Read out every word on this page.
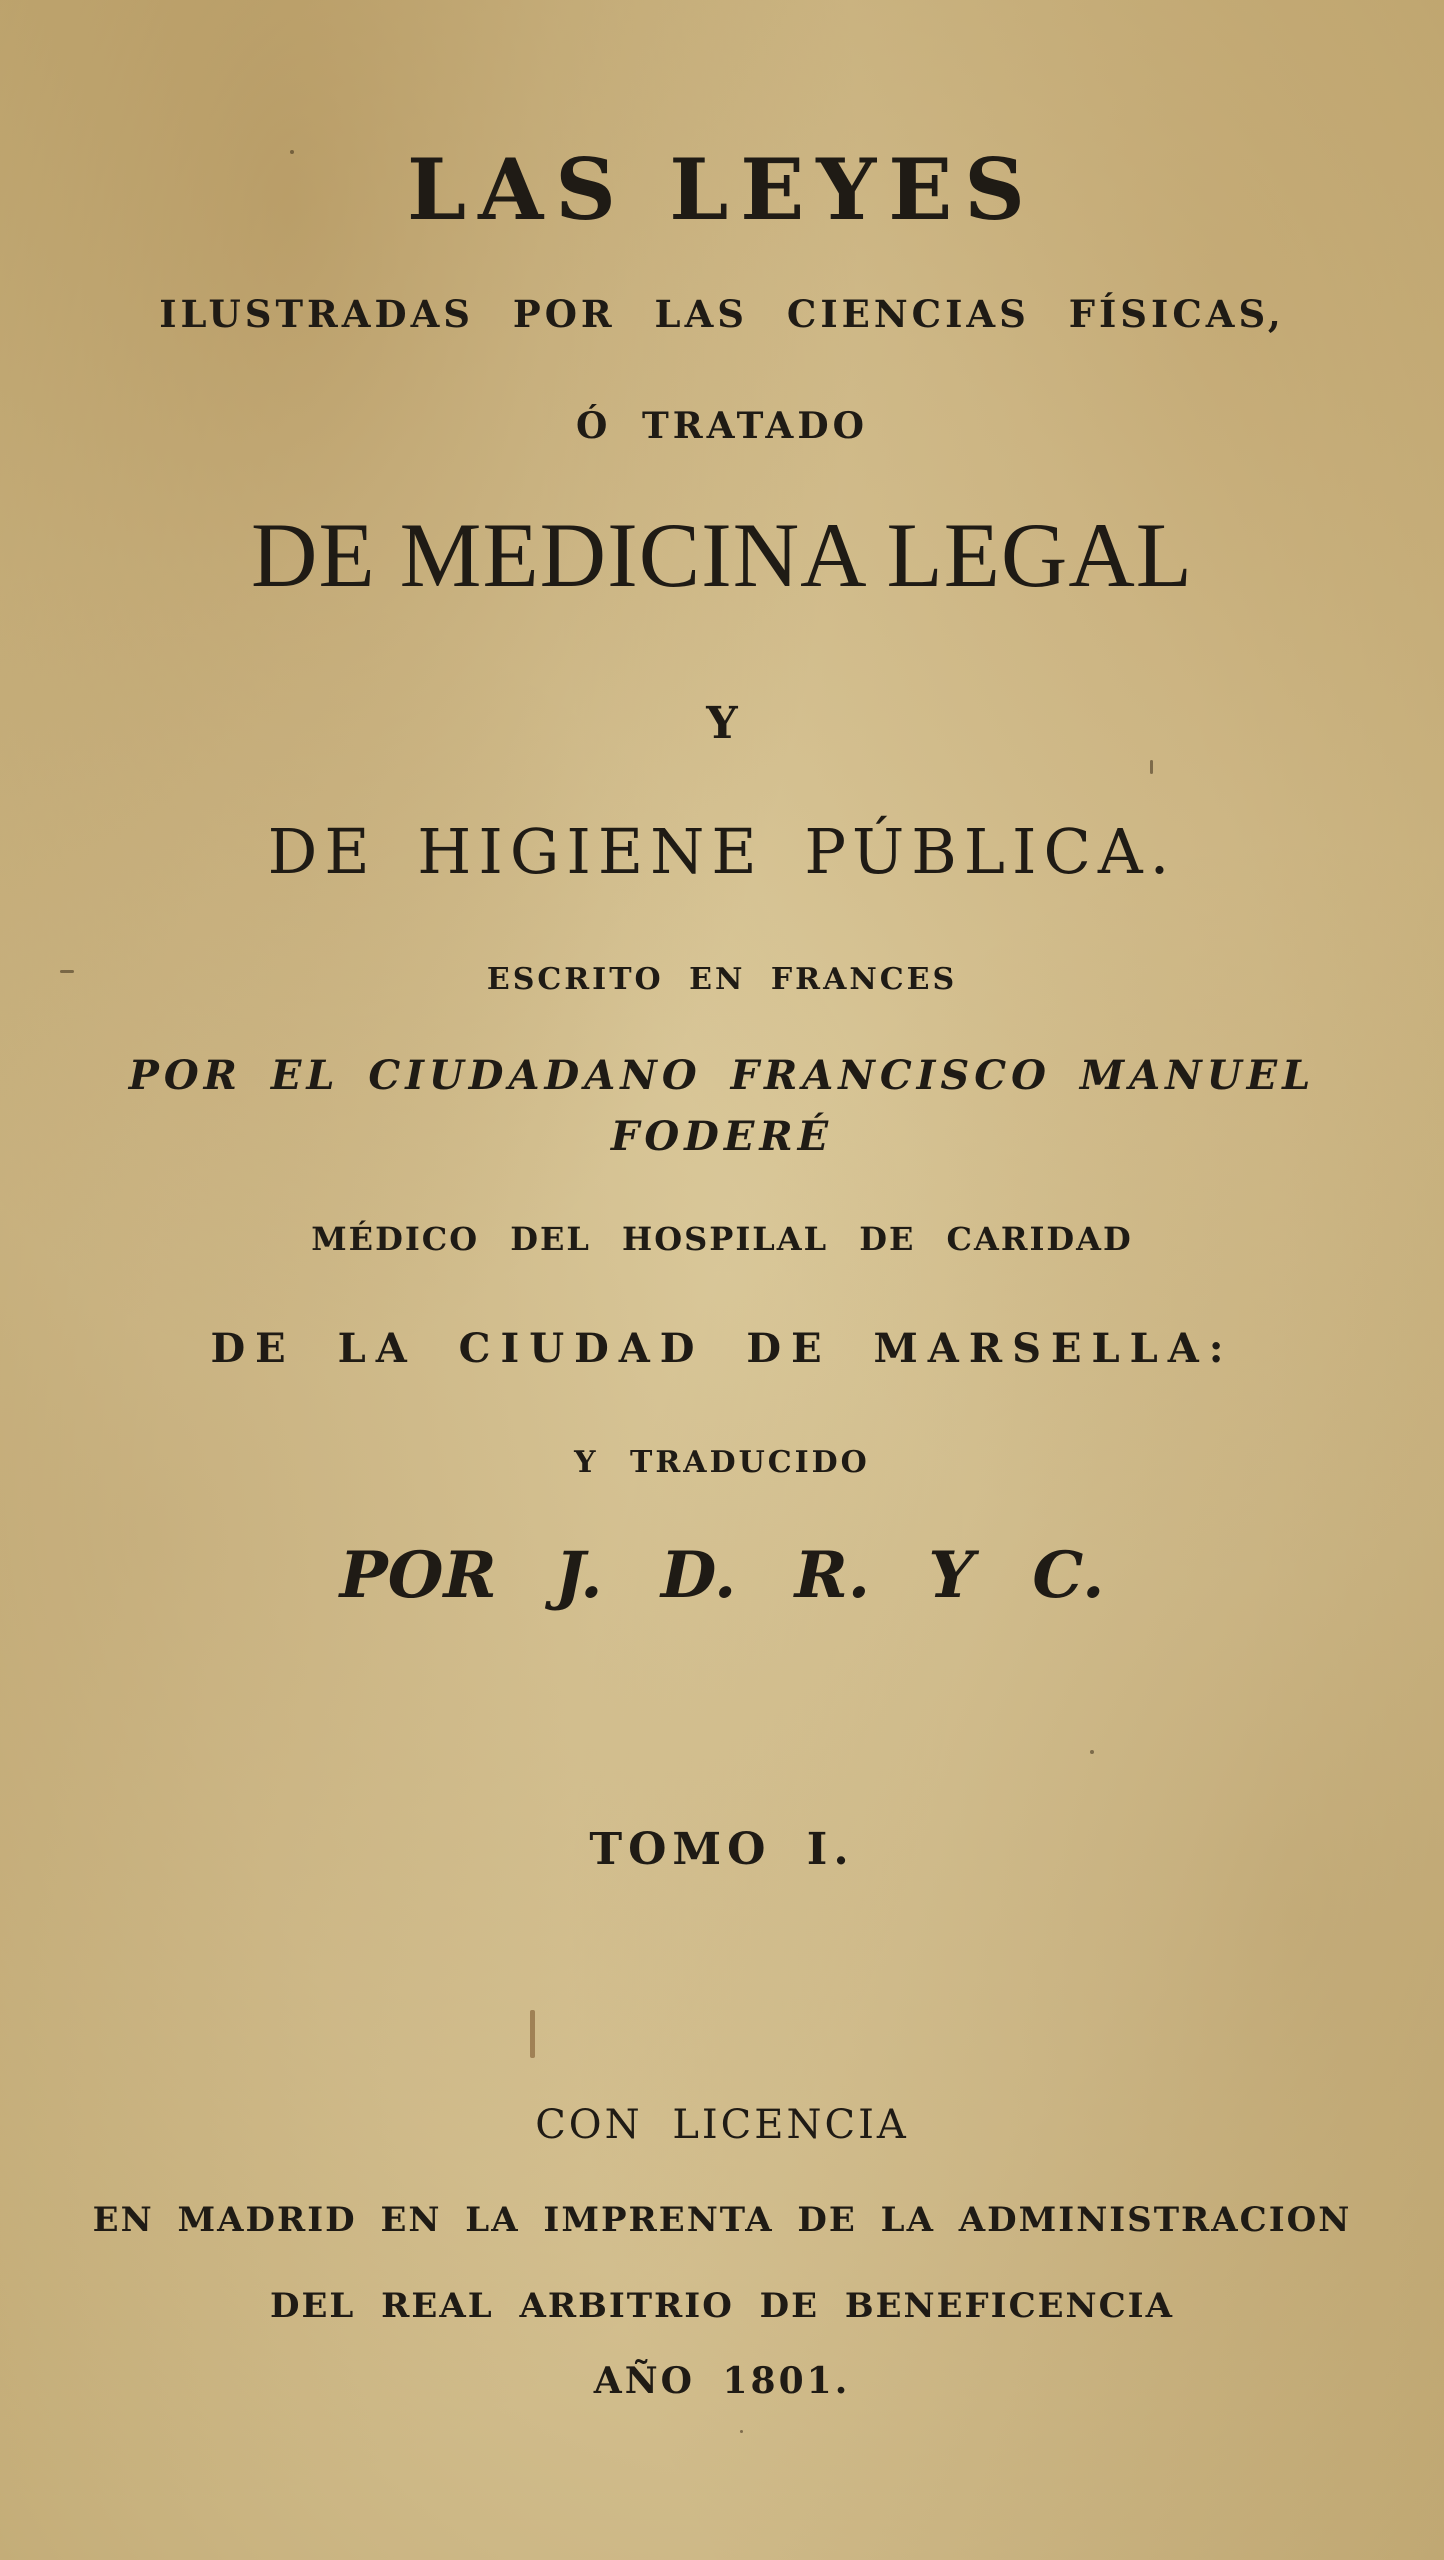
LAS LEYES
ILUSTRADAS POR LAS CIENCIAS FÍSICAS,
Ó TRATADO
DE MEDICINA LEGAL
Y
DE HIGIENE PÚBLICA.
ESCRITO EN FRANCES
POR EL CIUDADANO FRANCISCO MANUEL
FODERÉ
MÉDICO DEL HOSPILAL DE CARIDAD
DE LA CIUDAD DE MARSELLA:
Y TRADUCIDO
POR J. D. R. Y C.
TOMO I.
CON LICENCIA
EN MADRID EN LA IMPRENTA DE LA ADMINISTRACION
DEL REAL ARBITRIO DE BENEFICENCIA
AÑO 1801.
